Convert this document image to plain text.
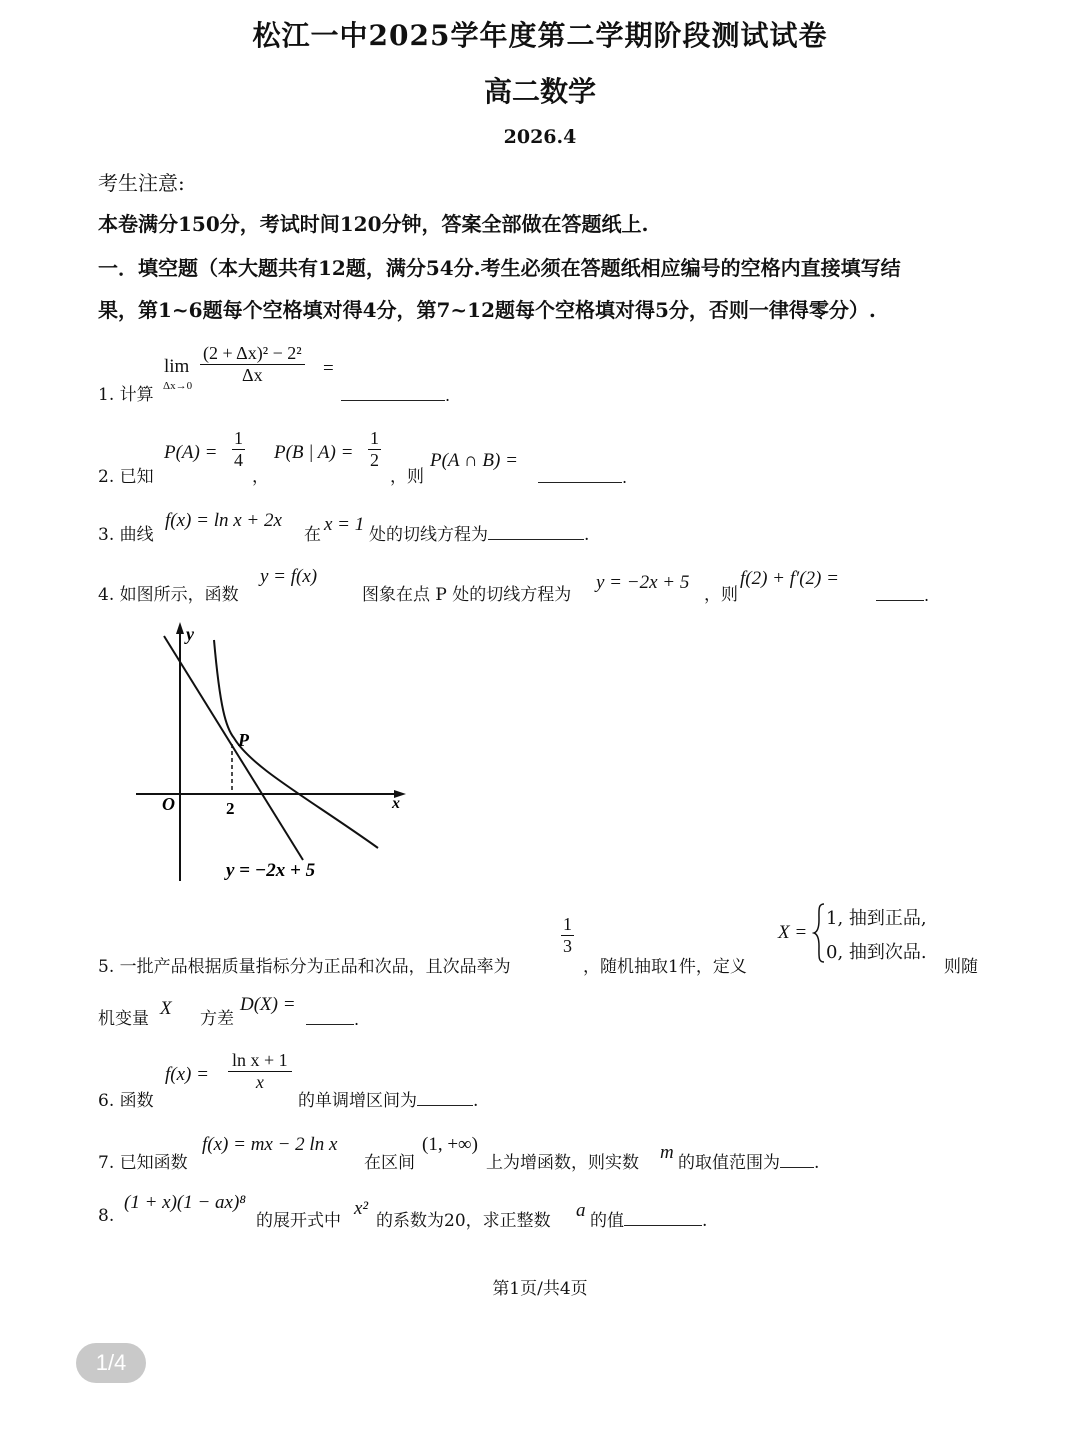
松江一中2025学年度第二学期阶段测试试卷
高二数学
2026.4
考生注意:
本卷满分150分，考试时间120分钟，答案全部做在答题纸上.
一．填空题（本大题共有12题，满分54分.考生必须在答题纸相应编号的空格内直接填写结
果，第1~6题每个空格填对得4分，第7~12题每个空格填对得5分，否则一律得零分）.
1. 计算
lim
$\Delta x\to 0 \frac{\text{(2 + Δx)² − 2²}}{\Delta x}$ =
.
2. 已知
$P(A) = \frac{1}{4}$
，
P(B | $A) = \frac{1}{2}$
，则
P(A ∩ B) =
.
3. 曲线
f(x) = ln x + 2x
在 x = 1 处的切线方程为	.
4. 如图所示，函数
y = f(x)
图象在点 P 处的切线方程为
y = −2x + 5
，则
f(2) + f′(2) =
.
y
x
O	2
P
y = −2x + 5
5. 一批产品根据质量指标分为正品和次品，且次品率为
$\frac{1}{3}$
，随机抽取1件，定义
X =
1, 抽到正品,
0, 抽到次品.
则随
机变量 X 方差
D(X) =
.
6. 函数
f(x) =
ln x + 1
x
的单调增区间为	.
7. 已知函数
f(x) = mx − 2 ln x
在区间
(1, +∞)
上为增函数，则实数 m 的取值范围为 .
8.
(1 + x)(1 − ax)⁸
的展开式中
x²
的系数为20，求正整数 a 的值	.
第1页/共4页
1/4
